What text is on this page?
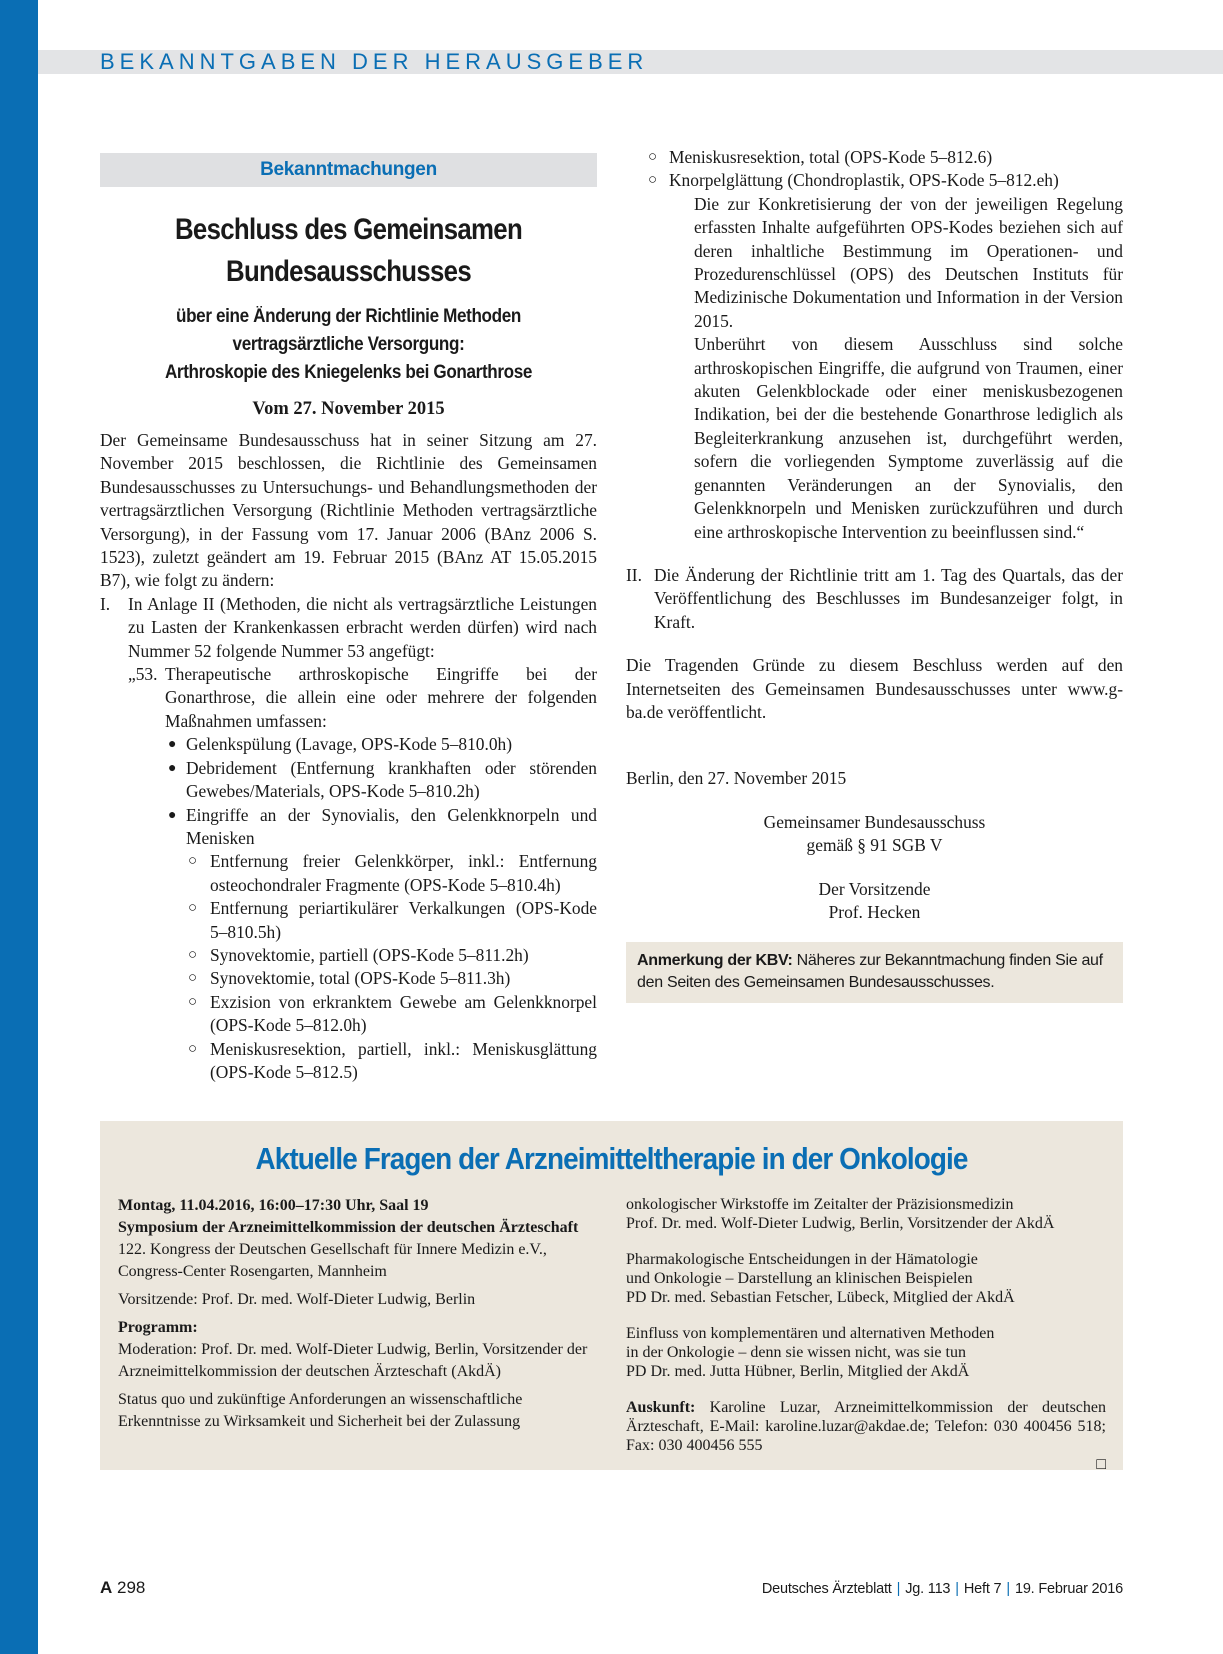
BEKANNTGABEN DER HERAUSGEBER
Bekanntmachungen
Beschluss des Gemeinsamen
Bundesausschusses
über eine Änderung der Richtlinie Methoden
vertragsärztliche Versorgung:
Arthroskopie des Kniegelenks bei Gonarthrose
Vom 27. November 2015

Der Gemeinsame Bundesausschuss hat in seiner Sitzung am 27. November 2015 beschlossen, die Richtlinie des Gemeinsamen Bundesausschusses zu Untersuchungs- und Behandlungsmethoden der vertragsärztlichen Versorgung (Richtlinie Methoden vertragsärztliche Versorgung), in der Fassung vom 17. Januar 2006 (BAnz 2006 S. 1523), zuletzt geändert am 19. Februar 2015 (BAnz AT 15.05.2015 B7), wie folgt zu ändern:

I. In Anlage II (Methoden, die nicht als vertragsärztliche Leistungen zu Lasten der Krankenkassen erbracht werden dürfen) wird nach Nummer 52 folgende Nummer 53 angefügt:

„53. Therapeutische arthroskopische Eingriffe bei der Gonarthrose, die allein eine oder mehrere der folgenden Maßnahmen umfassen:

● Gelenkspülung (Lavage, OPS-Kode 5–810.0h)

● Debridement (Entfernung krankhaften oder störenden Gewebes/Materials, OPS-Kode 5–810.2h)

● Eingriffe an der Synovialis, den Gelenkknorpeln und Menisken

○ Entfernung freier Gelenkkörper, inkl.: Entfernung osteochondraler Fragmente (OPS-Kode 5–810.4h)

○ Entfernung periartikulärer Verkalkungen (OPS-Kode 5–810.5h)

○ Synovektomie, partiell (OPS-Kode 5–811.2h)

○ Synovektomie, total (OPS-Kode 5–811.3h)

○ Exzision von erkranktem Gewebe am Gelenkknorpel (OPS-Kode 5–812.0h)

○ Meniskusresektion, partiell, inkl.: Meniskusglättung (OPS-Kode 5–812.5)

○ Meniskusresektion, total (OPS-Kode 5–812.6)

○ Knorpelglättung (Chondroplastik, OPS-Kode 5–812.eh)

Die zur Konkretisierung der von der jeweiligen Regelung erfassten Inhalte aufgeführten OPS-Kodes beziehen sich auf deren inhaltliche Bestimmung im Operationen- und Prozedurenschlüssel (OPS) des Deutschen Instituts für Medizinische Dokumentation und Information in der Version 2015.

Unberührt von diesem Ausschluss sind solche arthroskopischen Eingriffe, die aufgrund von Traumen, einer akuten Gelenkblockade oder einer meniskusbezogenen Indikation, bei der die bestehende Gonarthrose lediglich als Begleiterkrankung anzusehen ist, durchgeführt werden, sofern die vorliegenden Symptome zuverlässig auf die genannten Veränderungen an der Synovialis, den Gelenkknorpeln und Menisken zurückzuführen und durch eine arthroskopische Intervention zu beeinflussen sind.“

II. Die Änderung der Richtlinie tritt am 1. Tag des Quartals, das der Veröffentlichung des Beschlusses im Bundesanzeiger folgt, in Kraft.

Die Tragenden Gründe zu diesem Beschluss werden auf den Internetseiten des Gemeinsamen Bundesausschusses unter www.g-ba.de veröffentlicht.

Berlin, den 27. November 2015

Gemeinsamer Bundesausschuss

gemäß § 91 SGB V

Der Vorsitzende

Prof. Hecken

Anmerkung der KBV: Näheres zur Bekanntmachung finden Sie auf den Seiten des Gemeinsamen Bundesausschusses.
Aktuelle Fragen der Arzneimitteltherapie in der Onkologie

Montag, 11.04.2016, 16:00–17:30 Uhr, Saal 19

Symposium der Arzneimittelkommission der deutschen Ärzteschaft

122. Kongress der Deutschen Gesellschaft für Innere Medizin e.V., Congress-Center Rosengarten, Mannheim

Vorsitzende: Prof. Dr. med. Wolf-Dieter Ludwig, Berlin

Programm:

Moderation: Prof. Dr. med. Wolf-Dieter Ludwig, Berlin, Vorsitzender der Arzneimittelkommission der deutschen Ärzteschaft (AkdÄ)

Status quo und zukünftige Anforderungen an wissenschaftliche Erkenntnisse zu Wirksamkeit und Sicherheit bei der Zulassung

onkologischer Wirkstoffe im Zeitalter der Präzisionsmedizin

Prof. Dr. med. Wolf-Dieter Ludwig, Berlin, Vorsitzender der AkdÄ

Pharmakologische Entscheidungen in der Hämatologie

und Onkologie – Darstellung an klinischen Beispielen

PD Dr. med. Sebastian Fetscher, Lübeck, Mitglied der AkdÄ

Einfluss von komplementären und alternativen Methoden

in der Onkologie – denn sie wissen nicht, was sie tun

PD Dr. med. Jutta Hübner, Berlin, Mitglied der AkdÄ

Auskunft: Karoline Luzar, Arzneimittelkommission der deutschen Ärzteschaft, E-Mail: karoline.luzar@akdae.de; Telefon: 030 400456 518; Fax: 030 400456 555

□

A 298	Deutsches Ärzteblatt | Jg. 113 | Heft 7 | 19. Februar 2016
